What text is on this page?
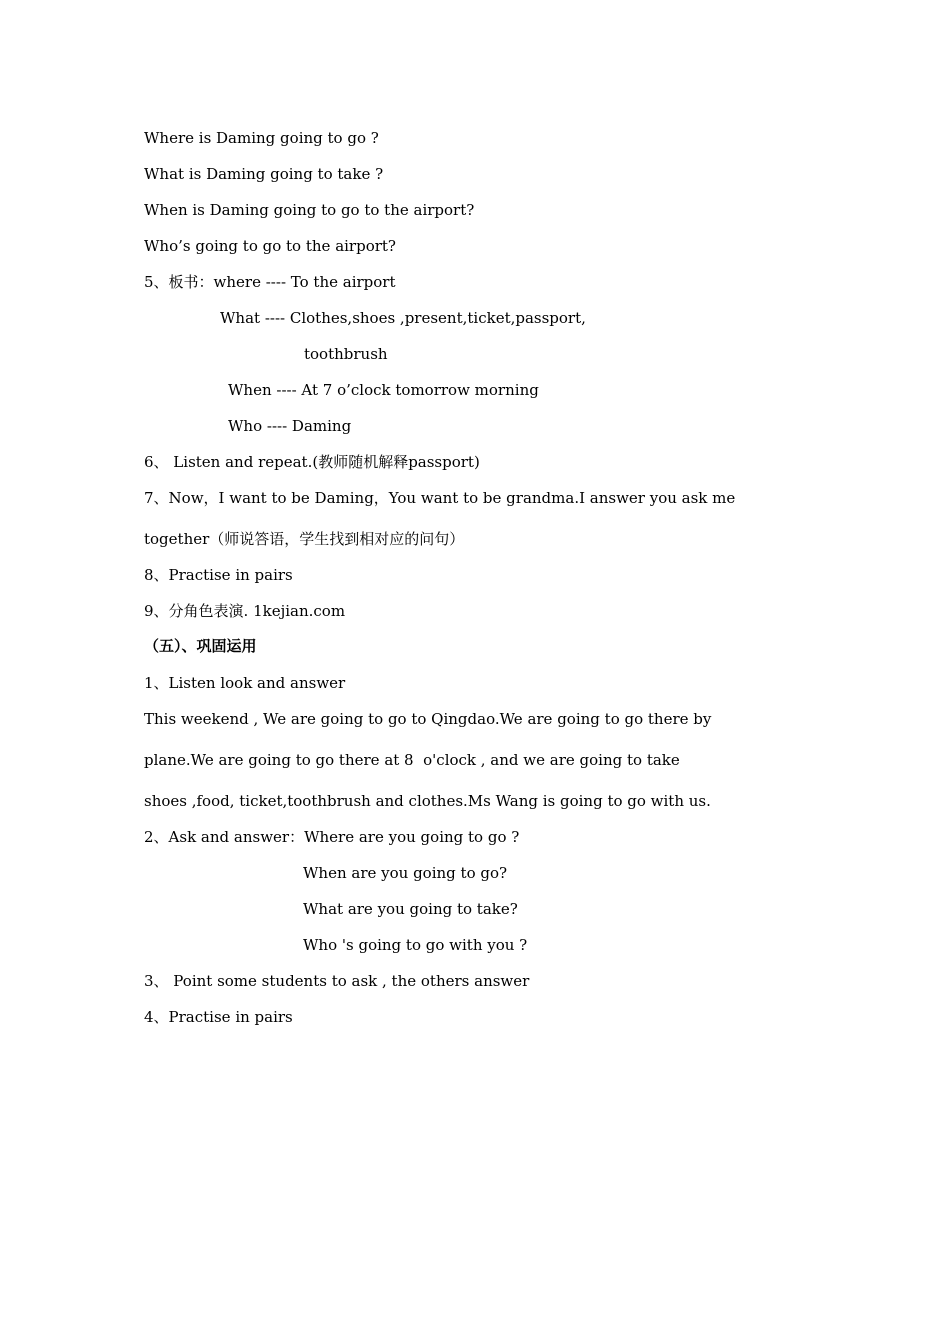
Where is Daming going to go ?
What is Daming going to take ?
When is Daming going to go to the airport?
Who’s going to go to the airport?
5、板书：where ---- To the airport
What ---- Clothes,shoes ,present,ticket,passport,
toothbrush
When ---- At 7 o’clock tomorrow morning
Who ---- Daming
6、 Listen and repeat.(教师随机解释passport)
7、Now，I want to be Daming，You want to be grandma.I answer you ask me
together（师说答语，学生找到相对应的问句）
8、Practise in pairs
9、分角色表演. 1kejian.com
（五）、巩固运用
1、Listen look and answer
This weekend , We are going to go to Qingdao.We are going to go there by
plane.We are going to go there at 8  o'clock , and we are going to take
shoes ,food, ticket,toothbrush and clothes.Ms Wang is going to go with us.
2、Ask and answer：Where are you going to go ?
When are you going to go?
What are you going to take?
Who 's going to go with you ?
3、 Point some students to ask , the others answer
4、Practise in pairs
